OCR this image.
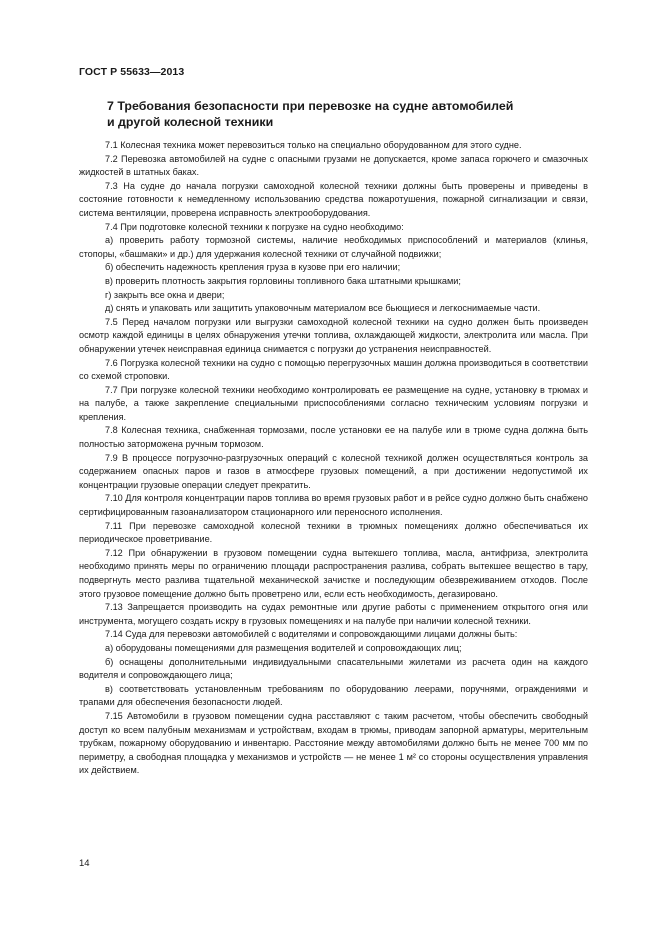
ГОСТ Р 55633—2013
7 Требования безопасности при перевозке на судне автомобилей
и другой колесной техники

7.1 Колесная техника может перевозиться только на специально оборудованном для этого судне.

7.2 Перевозка автомобилей на судне с опасными грузами не допускается, кроме запаса горючего и смазочных жидкостей в штатных баках.

7.3 На судне до начала погрузки самоходной колесной техники должны быть проверены и приведены в состояние готовности к немедленному использованию средства пожаротушения, пожарной сигнализации и связи, система вентиляции, проверена исправность электрооборудования.

7.4 При подготовке колесной техники к погрузке на судно необходимо:

а) проверить работу тормозной системы, наличие необходимых приспособлений и материалов (клинья, стопоры, «башмаки» и др.) для удержания колесной техники от случайной подвижки;

б) обеспечить надежность крепления груза в кузове при его наличии;

в) проверить плотность закрытия горловины топливного бака штатными крышками;

г) закрыть все окна и двери;

д) снять и упаковать или защитить упаковочным материалом все бьющиеся и легкоснимаемые части.

7.5 Перед началом погрузки или выгрузки самоходной колесной техники на судно должен быть произведен осмотр каждой единицы в целях обнаружения утечки топлива, охлаждающей жидкости, электролита или масла. При обнаружении утечек неисправная единица снимается с погрузки до устранения неисправностей.

7.6 Погрузка колесной техники на судно с помощью перегрузочных машин должна производиться в соответствии со схемой строповки.

7.7 При погрузке колесной техники необходимо контролировать ее размещение на судне, установку в трюмах и на палубе, а также закрепление специальными приспособлениями согласно техническим условиям погрузки и крепления.

7.8 Колесная техника, снабженная тормозами, после установки ее на палубе или в трюме судна должна быть полностью заторможена ручным тормозом.

7.9 В процессе погрузочно-разгрузочных операций с колесной техникой должен осуществляться контроль за содержанием опасных паров и газов в атмосфере грузовых помещений, а при достижении недопустимой их концентрации грузовые операции следует прекратить.

7.10 Для контроля концентрации паров топлива во время грузовых работ и в рейсе судно должно быть снабжено сертифицированным газоанализатором стационарного или переносного исполнения.

7.11 При перевозке самоходной колесной техники в трюмных помещениях должно обеспечиваться их периодическое проветривание.

7.12 При обнаружении в грузовом помещении судна вытекшего топлива, масла, антифриза, электролита необходимо принять меры по ограничению площади распространения разлива, собрать вытекшее вещество в тару, подвергнуть место разлива тщательной механической зачистке и последующим обезвреживанием отходов. После этого грузовое помещение должно быть проветрено или, если есть необходимость, дегазировано.

7.13 Запрещается производить на судах ремонтные или другие работы с применением открытого огня или инструмента, могущего создать искру в грузовых помещениях и на палубе при наличии колесной техники.

7.14 Суда для перевозки автомобилей с водителями и сопровождающими лицами должны быть:

а) оборудованы помещениями для размещения водителей и сопровождающих лиц;

б) оснащены дополнительными индивидуальными спасательными жилетами из расчета один на каждого водителя и сопровождающего лица;

в) соответствовать установленным требованиям по оборудованию леерами, поручнями, ограждениями и трапами для обеспечения безопасности людей.

7.15 Автомобили в грузовом помещении судна расставляют с таким расчетом, чтобы обеспечить свободный доступ ко всем палубным механизмам и устройствам, входам в трюмы, приводам запорной арматуры, мерительным трубкам, пожарному оборудованию и инвентарю. Расстояние между автомобилями должно быть не менее 700 мм по периметру, а свободная площадка у механизмов и устройств — не менее 1 м² со стороны осуществления управления их действием.

14
